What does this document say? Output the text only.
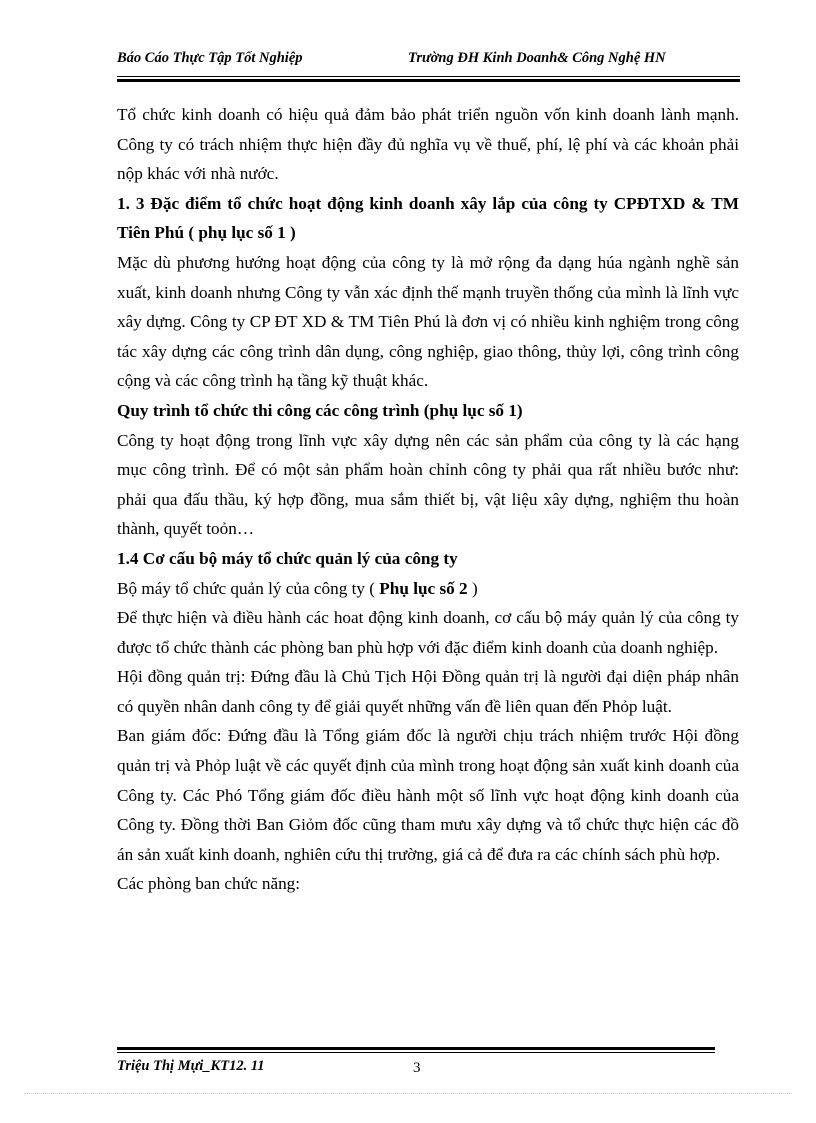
Báo Cáo Thực Tập Tốt Nghiệp	Trường ĐH Kinh Doanh& Công Nghệ HN

Tổ chức kinh doanh có hiệu quả đảm bảo phát triển nguồn vốn kinh doanh lành mạnh. Công ty có trách nhiệm thực hiện đầy đủ nghĩa vụ về thuế, phí, lệ phí và các khoản phải nộp khác với nhà nước.

1. 3 Đặc điểm tổ chức hoạt động kinh doanh xây lắp của công ty CPĐTXD & TM Tiên Phú ( phụ lục số 1 )

Mặc dù phương hướng hoạt động của công ty là mở rộng đa dạng húa ngành nghề sản xuất, kinh doanh nhưng Công ty vẫn xác định thế mạnh truyền thống của mình là lĩnh vực xây dựng. Công ty CP ĐT XD & TM Tiên Phú là đơn vị có nhiều kinh nghiệm trong công tác xây dựng các công trình dân dụng, công nghiệp, giao thông, thủy lợi, công trình công cộng và các công trình hạ tầng kỹ thuật khác.

Quy trình tổ chức thi công các công trình (phụ lục số 1)

Công ty hoạt động trong lĩnh vực xây dựng nên các sản phẩm của công ty là các hạng mục công trình. Để có một sản phẩm hoàn chỉnh công ty phải qua rất nhiều bước như: phải qua đấu thầu, ký hợp đồng, mua sắm thiết bị, vật liệu xây dựng, nghiệm thu hoàn thành, quyết toỏn…

1.4 Cơ cấu bộ máy tổ chức quản lý của công ty

Bộ máy tổ chức quản lý của công ty ( Phụ lục số 2 )

Để thực hiện và điều hành các hoat động kinh doanh, cơ cấu bộ máy quản lý của công ty được tổ chức thành các phòng ban phù hợp với đặc điểm kinh doanh của doanh nghiệp.

Hội đồng quản trị: Đứng đầu là Chủ Tịch Hội Đồng quản trị là người đại diện pháp nhân có quyền nhân danh công ty để giải quyết những vấn đề liên quan đến Phỏp luật.

Ban giám đốc: Đứng đầu là Tổng giám đốc là người chịu trách nhiệm trước Hội đồng quản trị và Phỏp luật về các quyết định của mình trong hoạt động sản xuất kinh doanh của Công ty. Các Phó Tổng giám đốc điều hành một số lĩnh vực hoạt động kinh doanh của Công ty. Đồng thời Ban Giỏm đốc cũng tham mưu xây dựng và tổ chức thực hiện các đồ án sản xuất kinh doanh, nghiên cứu thị trường, giá cả để đưa ra các chính sách phù hợp.

Các phòng ban chức năng:

Triệu Thị Mựi_KT12. 11	3
